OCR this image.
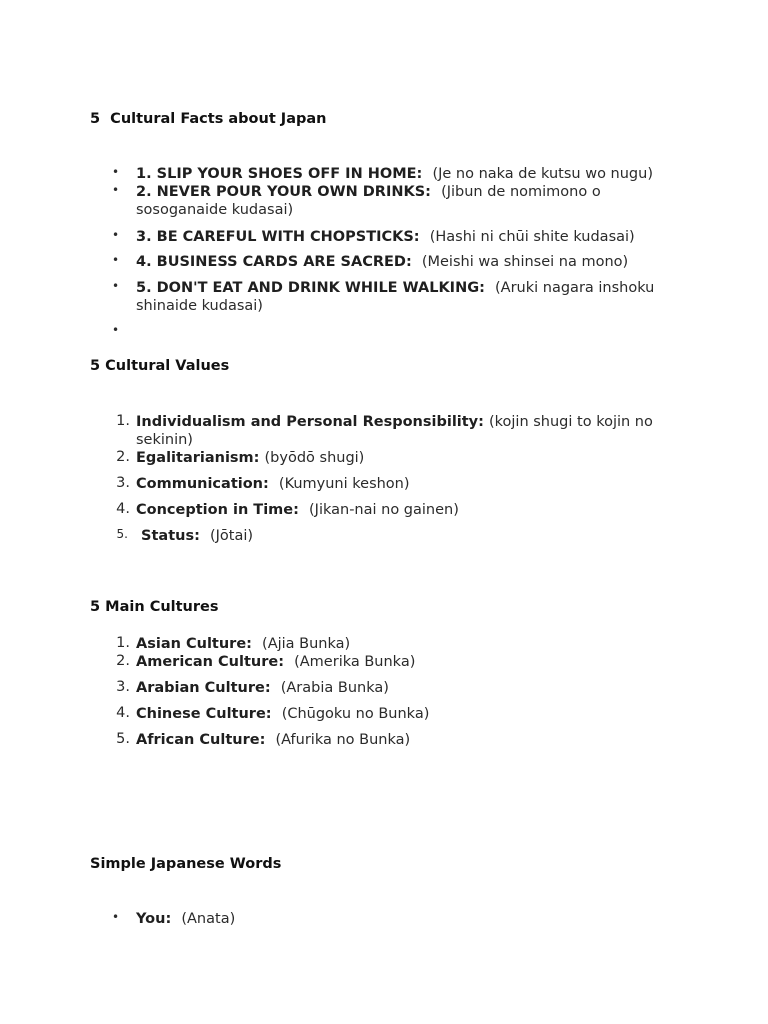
5  Cultural Facts about Japan
• 1. SLIP YOUR SHOES OFF IN HOME:  (Je no naka de kutsu wo nugu)
• 2. NEVER POUR YOUR OWN DRINKS:  (Jibun de nomimono o sosoganaide kudasai)
• 3. BE CAREFUL WITH CHOPSTICKS:  (Hashi ni chūi shite kudasai)
• 4. BUSINESS CARDS ARE SACRED:  (Meishi wa shinsei na mono)
• 5. DON'T EAT AND DRINK WHILE WALKING:  (Aruki nagara inshoku shinaide kudasai)
•
5 Cultural Values
1. Individualism and Personal Responsibility: (kojin shugi to kojin no sekinin)
2. Egalitarianism: (byōdō shugi)
3. Communication:  (Kumyuni keshon)
4. Conception in Time:  (Jikan-nai no gainen)
5. Status:  (Jōtai)
5 Main Cultures
1. Asian Culture:  (Ajia Bunka)
2. American Culture:  (Amerika Bunka)
3. Arabian Culture:  (Arabia Bunka)
4. Chinese Culture:  (Chūgoku no Bunka)
5. African Culture:  (Afurika no Bunka)
Simple Japanese Words
• You:  (Anata)
